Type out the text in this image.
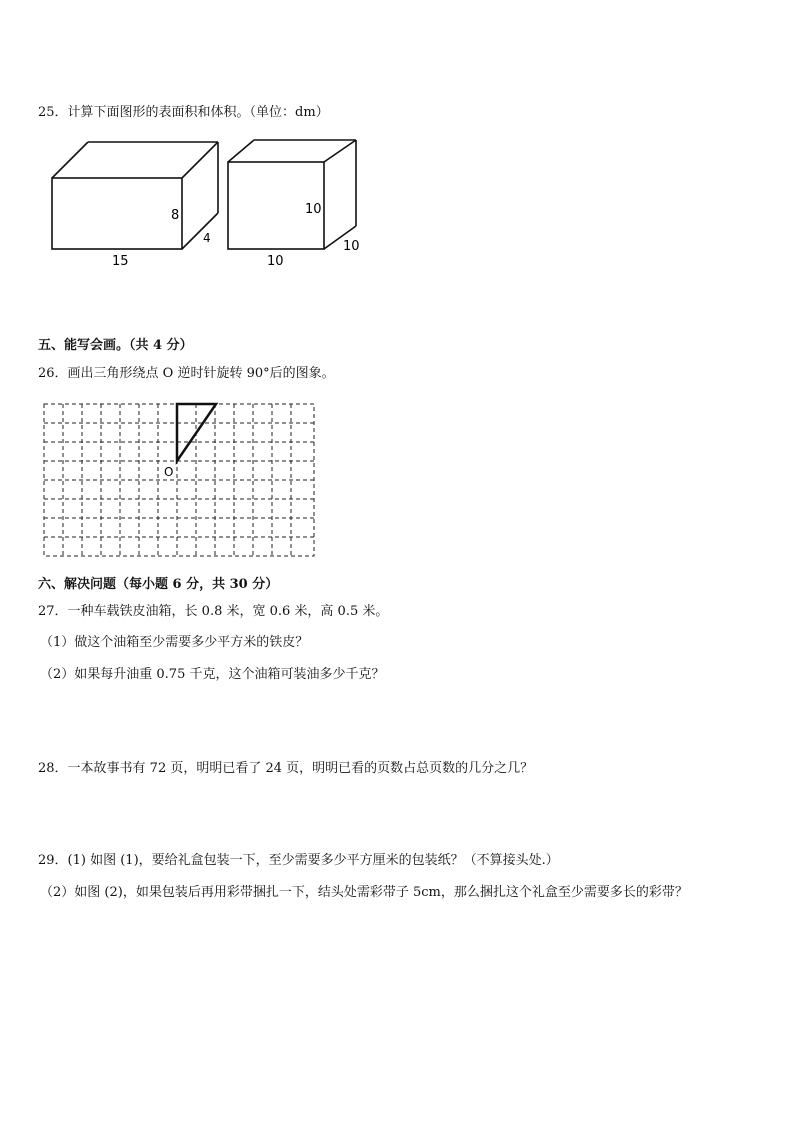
25．计算下面图形的表面积和体积。（单位：dm）
15
8
4
10
10
10
五、能写会画。（共 4 分）
26．画出三角形绕点 O 逆时针旋转 90°后的图象。
O
六、解决问题（每小题 6 分，共 30 分）
27．一种车载铁皮油箱，长 0.8 米，宽 0.6 米，高 0.5 米。
（1）做这个油箱至少需要多少平方米的铁皮？
（2）如果每升油重 0.75 千克，这个油箱可装油多少千克？
28．一本故事书有 72 页，明明已看了 24 页，明明已看的页数占总页数的几分之几？
29．(1) 如图 (1)，要给礼盒包装一下，至少需要多少平方厘米的包装纸？（不算接头处.）
（2）如图 (2)，如果包装后再用彩带捆扎一下，结头处需彩带子 5cm，那么捆扎这个礼盒至少需要多长的彩带？
